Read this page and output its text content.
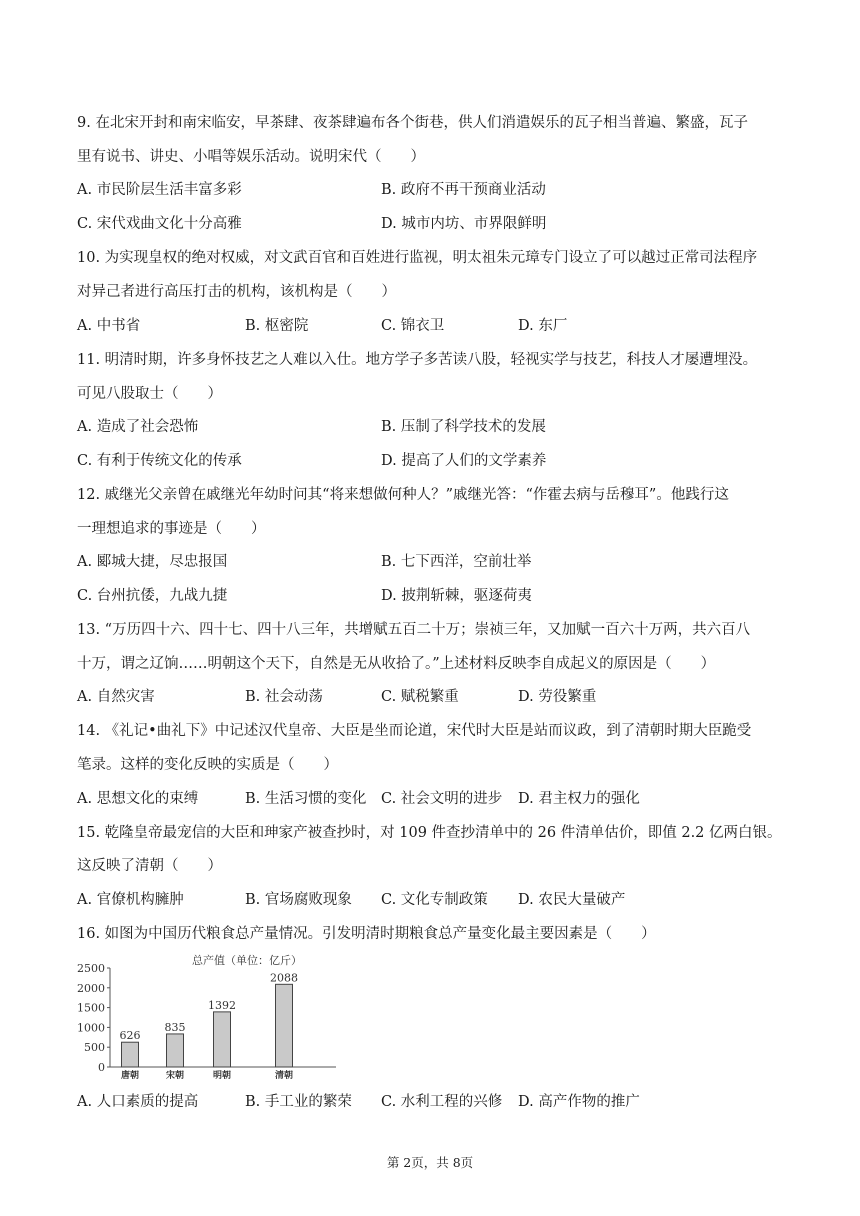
9. 在北宋开封和南宋临安，早茶肆、夜茶肆遍布各个街巷，供人们消遣娱乐的瓦子相当普遍、繁盛，瓦子
里有说书、讲史、小唱等娱乐活动。说明宋代（　　）
A. 市民阶层生活丰富多彩	B. 政府不再干预商业活动
C. 宋代戏曲文化十分高雅	D. 城市内坊、市界限鲜明
10. 为实现皇权的绝对权威，对文武百官和百姓进行监视，明太祖朱元璋专门设立了可以越过正常司法程序
对异己者进行高压打击的机构，该机构是（　　）
A. 中书省	B. 枢密院	C. 锦衣卫	D. 东厂
11. 明清时期，许多身怀技艺之人难以入仕。地方学子多苦读八股，轻视实学与技艺，科技人才屡遭埋没。
可见八股取士（　　）
A. 造成了社会恐怖	B. 压制了科学技术的发展
C. 有利于传统文化的传承	D. 提高了人们的文学素养
12. 戚继光父亲曾在戚继光年幼时问其“将来想做何种人？”戚继光答：“作霍去病与岳穆耳”。他践行这
一理想追求的事迹是（　　）
A. 郾城大捷，尽忠报国	B. 七下西洋，空前壮举
C. 台州抗倭，九战九捷	D. 披荆斩棘，驱逐荷夷
13. “万历四十六、四十七、四十八三年，共增赋五百二十万；崇祯三年，又加赋一百六十万两，共六百八
十万，谓之辽饷……明朝这个天下，自然是无从收拾了。”上述材料反映李自成起义的原因是（　　）
A. 自然灾害	B. 社会动荡	C. 赋税繁重	D. 劳役繁重
14. 《礼记•曲礼下》中记述汉代皇帝、大臣是坐而论道，宋代时大臣是站而议政，到了清朝时期大臣跪受
笔录。这样的变化反映的实质是（　　）
A. 思想文化的束缚	B. 生活习惯的变化 C. 社会文明的进步 D. 君主权力的强化
15. 乾隆皇帝最宠信的大臣和珅家产被查抄时，对 109 件查抄清单中的 26 件清单估价，即值 2.2 亿两白银。
这反映了清朝（　　）
A. 官僚机构臃肿	B. 官场腐败现象 C. 文化专制政策 D. 农民大量破产
16. 如图为中国历代粮食总产量情况。引发明清时期粮食总产量变化最主要因素是（　　）
总产值（单位：亿斤）
0
500
1000
1500
2000
2500
626
唐朝
835
宋朝
1392
明朝
2088
清朝
A. 人口素质的提高	B. 手工业的繁荣 C. 水利工程的兴修 D. 高产作物的推广
第 2页，共 8页
